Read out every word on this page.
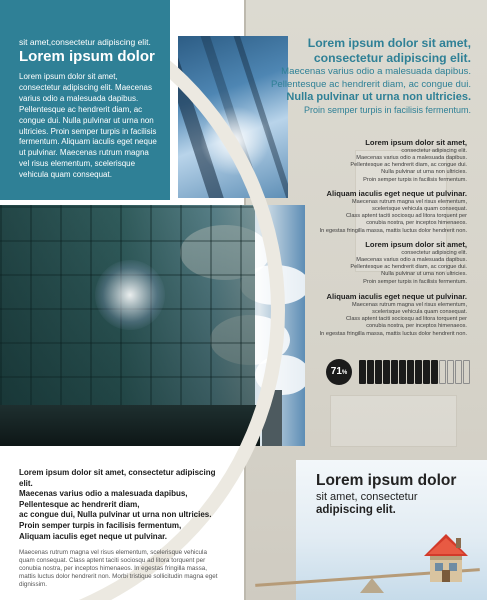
sit amet,consectetur adipiscing elit.
Lorem ipsum dolor
Lorem ipsum dolor sit amet, consectetur adipiscing elit. Maecenas varius odio a malesuada dapibus. Pellentesque ac hendrerit diam, ac congue dui. Nulla pulvinar ut urna non ultricies. Proin semper turpis in facilisis fermentum. Aliquam iaculis eget neque ut pulvinar. Maecenas rutrum magna vel risus elementum, scelerisque vehicula quam consequat.
Lorem ipsum dolor sit amet, consectetur adipiscing elit.
Maecenas varius odio a malesuada dapibus,
Pellentesque ac hendrerit diam,
ac congue dui, Nulla pulvinar ut urna non ultricies.
Proin semper turpis in facilisis fermentum,
Aliquam iaculis eget neque ut pulvinar.
Maecenas rutrum magna vel risus elementum, scelerisque vehicula quam consequat. Class aptent taciti sociosqu ad litora torquent per conubia nostra, per inceptos himenaeos. In egestas fringilla massa, mattis luctus dolor hendrerit non. Morbi tristique sollicitudin magna eget dignissim.
Lorem ipsum dolor sit amet,
consectetur adipiscing elit.
Maecenas varius odio a malesuada dapibus.
Pellentesque ac hendrerit diam, ac congue dui.
Nulla pulvinar ut urna non ultricies.
Proin semper turpis in facilisis fermentum.
Lorem ipsum dolor sit amet,
consectetur adipiscing elit.
Maecenas varius odio a malesuada dapibus.
Pellentesque ac hendrerit diam, ac congue dui.
Nulla pulvinar ut urna non ultricies.
Proin semper turpis in facilisis fermentum.
Aliquam iaculis eget neque ut pulvinar.
Maecenas rutrum magna vel risus elementum,
scelerisque vehicula quam consequat.
Class aptent taciti sociosqu ad litora torquent per
conubia nostra, per inceptos himenaeos.
In egestas fringilla massa, mattis luctus dolor hendrerit non.
Lorem ipsum dolor sit amet,
consectetur adipiscing elit.
Maecenas varius odio a malesuada dapibus.
Pellentesque ac hendrerit diam, ac congue dui.
Nulla pulvinar ut urna non ultricies.
Proin semper turpis in facilisis fermentum.
Aliquam iaculis eget neque ut pulvinar.
Maecenas rutrum magna vel risus elementum,
scelerisque vehicula quam consequat.
Class aptent taciti sociosqu ad litora torquent per
conubia nostra, per inceptos himenaeos.
In egestas fringilla massa, mattis luctus dolor hendrerit non.
71%
Lorem ipsum dolor
sit amet, consectetur
adipiscing elit.
